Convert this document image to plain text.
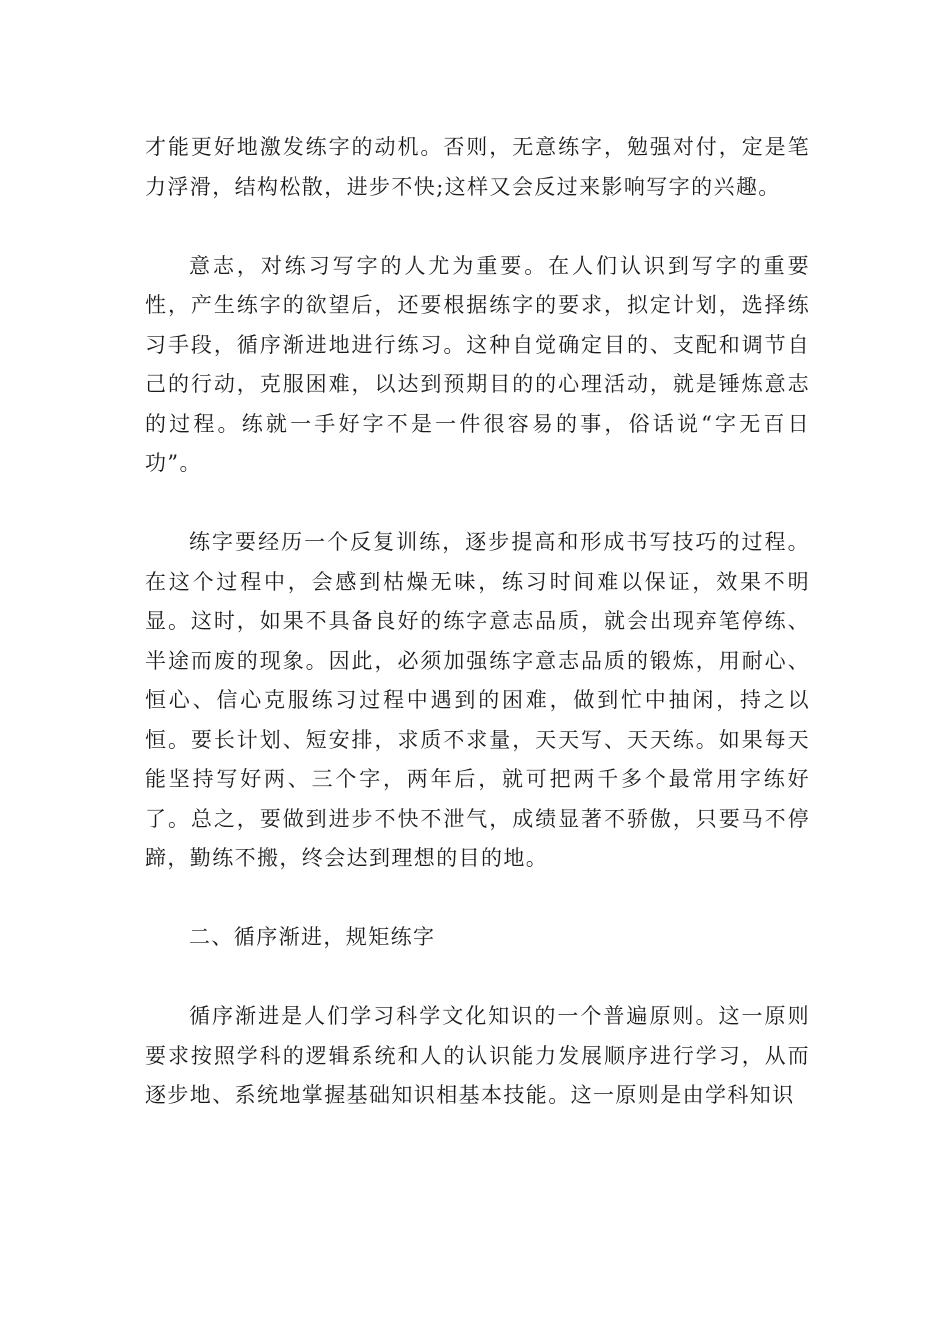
才能更好地激发练字的动机。否则，无意练字，勉强对付，定是笔力浮滑，结构松散，进步不快;这样又会反过来影响写字的兴趣。

意志，对练习写字的人尤为重要。在人们认识到写字的重要性，产生练字的欲望后，还要根据练字的要求，拟定计划，选择练习手段，循序渐进地进行练习。这种自觉确定目的、支配和调节自己的行动，克服困难，以达到预期目的的心理活动，就是锤炼意志的过程。练就一手好字不是一件很容易的事，俗话说“字无百日功”。

练字要经历一个反复训练，逐步提高和形成书写技巧的过程。在这个过程中，会感到枯燥无味，练习时间难以保证，效果不明显。这时，如果不具备良好的练字意志品质，就会出现弃笔停练、半途而废的现象。因此，必须加强练字意志品质的锻炼，用耐心、恒心、信心克服练习过程中遇到的困难，做到忙中抽闲，持之以恒。要长计划、短安排，求质不求量，天天写、天天练。如果每天能坚持写好两、三个字，两年后，就可把两千多个最常用字练好了。总之，要做到进步不快不泄气，成绩显著不骄傲，只要马不停蹄，勤练不搬，终会达到理想的目的地。

二、循序渐进，规矩练字

循序渐进是人们学习科学文化知识的一个普遍原则。这一原则要求按照学科的逻辑系统和人的认识能力发展顺序进行学习，从而逐步地、系统地掌握基础知识相基本技能。这一原则是由学科知识
